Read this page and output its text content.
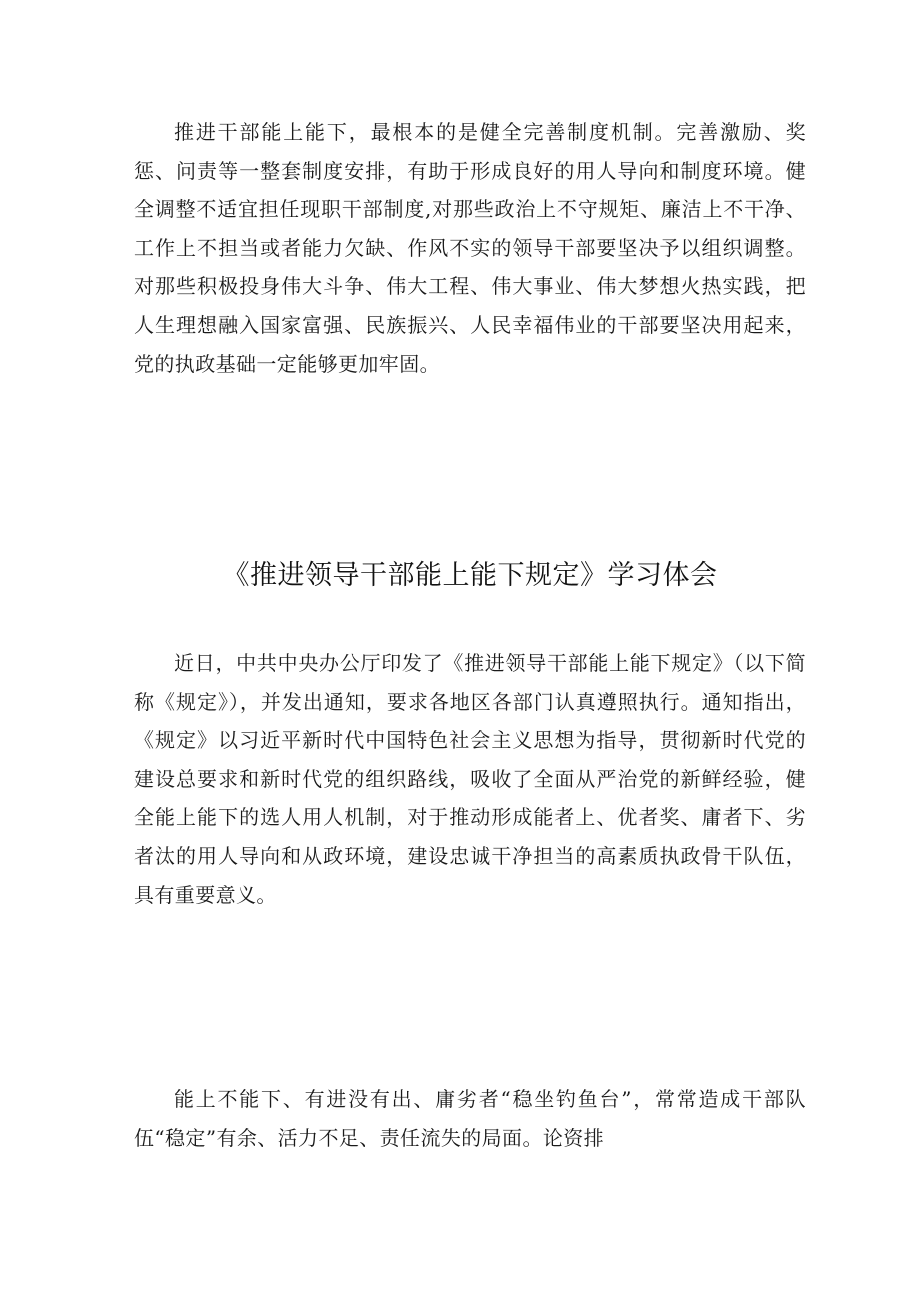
推进干部能上能下，最根本的是健全完善制度机制。完善激励、奖惩、问责等一整套制度安排，有助于形成良好的用人导向和制度环境。健全调整不适宜担任现职干部制度,对那些政治上不守规矩、廉洁上不干净、工作上不担当或者能力欠缺、作风不实的领导干部要坚决予以组织调整。对那些积极投身伟大斗争、伟大工程、伟大事业、伟大梦想火热实践，把人生理想融入国家富强、民族振兴、人民幸福伟业的干部要坚决用起来，党的执政基础一定能够更加牢固。

《推进领导干部能上能下规定》学习体会

近日，中共中央办公厅印发了《推进领导干部能上能下规定》（以下简称《规定》），并发出通知，要求各地区各部门认真遵照执行。通知指出，《规定》以习近平新时代中国特色社会主义思想为指导，贯彻新时代党的建设总要求和新时代党的组织路线，吸收了全面从严治党的新鲜经验，健全能上能下的选人用人机制，对于推动形成能者上、优者奖、庸者下、劣者汰的用人导向和从政环境，建设忠诚干净担当的高素质执政骨干队伍，具有重要意义。

能上不能下、有进没有出、庸劣者“稳坐钓鱼台”，常常造成干部队伍“稳定”有余、活力不足、责任流失的局面。论资排
